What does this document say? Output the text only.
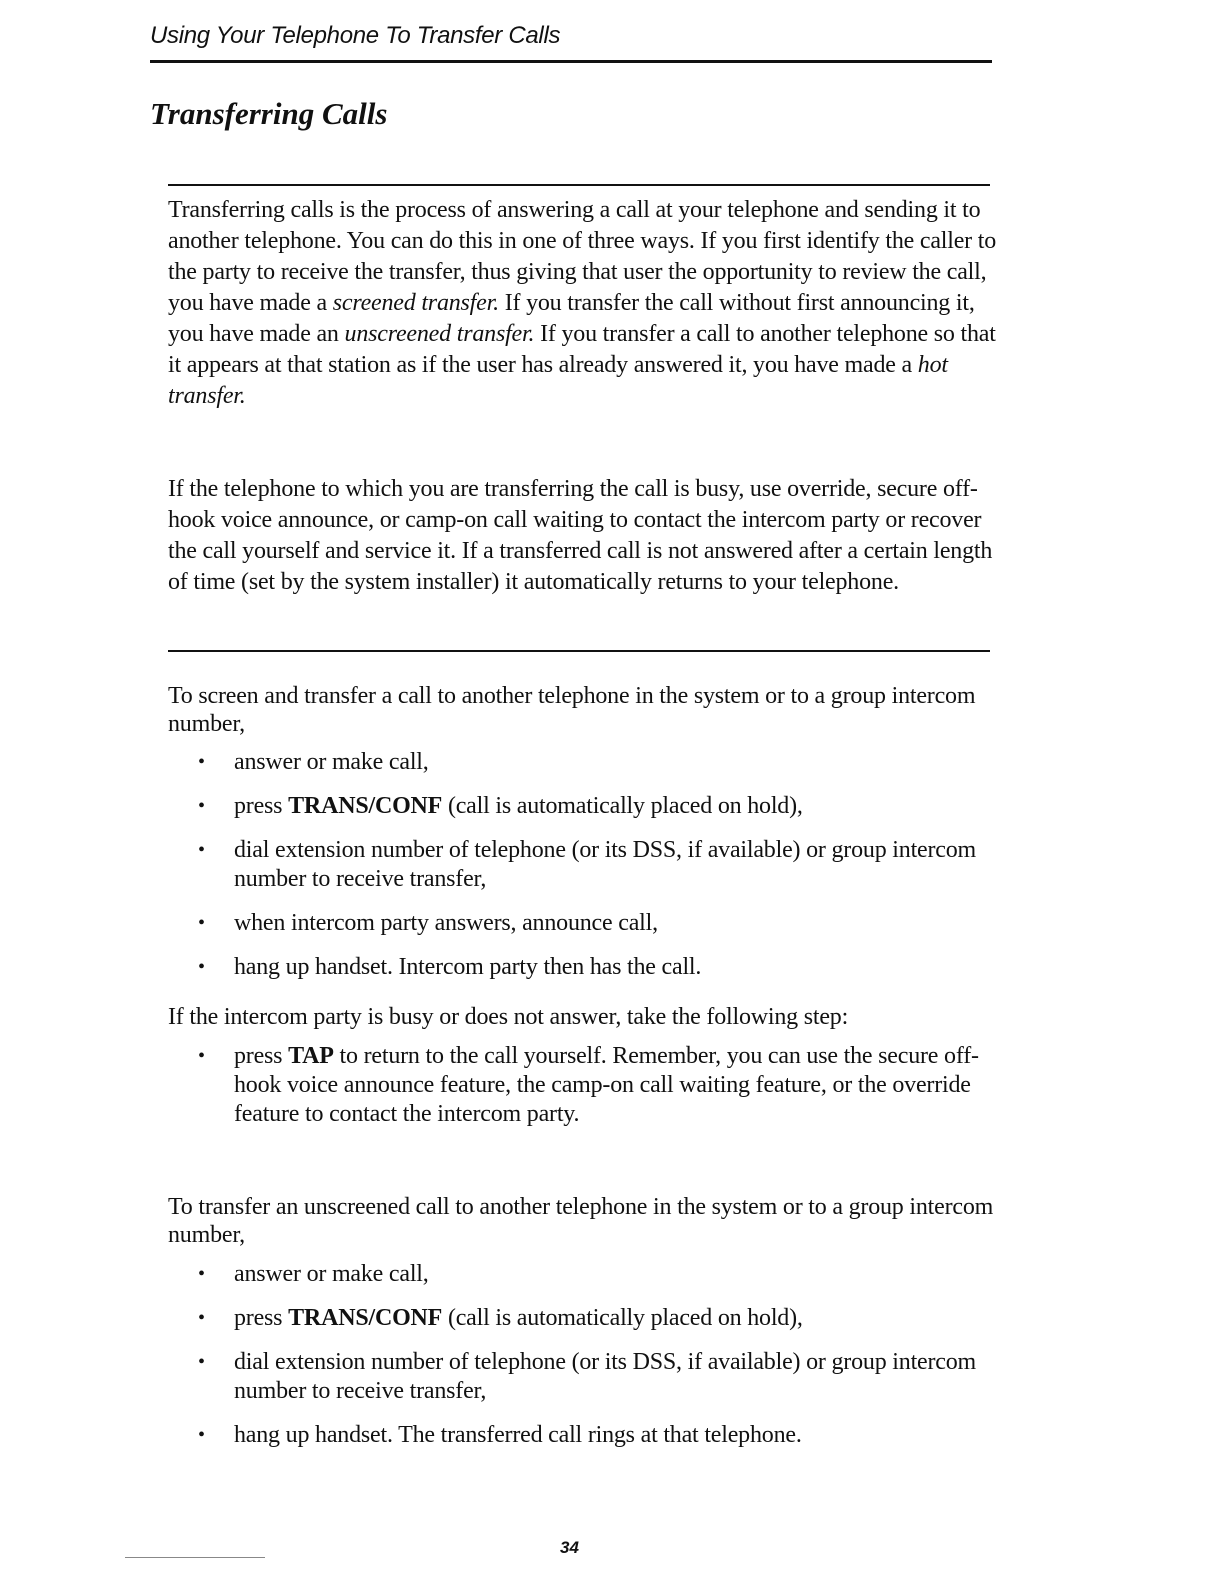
Using Your Telephone To Transfer Calls
Transferring Calls

Transferring calls is the process of answering a call at your telephone and sending it to another telephone. You can do this in one of three ways. If you first identify the caller to the party to receive the transfer, thus giving that user the opportunity to review the call, you have made a screened transfer. If you transfer the call without first announcing it, you have made an unscreened transfer. If you transfer a call to another telephone so that it appears at that station as if the user has already answered it, you have made a hot transfer.

If the telephone to which you are transferring the call is busy, use override, secure off-hook voice announce, or camp-on call waiting to contact the intercom party or recover the call yourself and service it. If a transferred call is not answered after a certain length of time (set by the system installer) it automatically returns to your telephone.

To screen and transfer a call to another telephone in the system or to a group intercom number,

• answer or make call,
• press TRANS/CONF (call is automatically placed on hold),
• dial extension number of telephone (or its DSS, if available) or group intercom number to receive transfer,
• when intercom party answers, announce call,
• hang up handset. Intercom party then has the call.

If the intercom party is busy or does not answer, take the following step:

• press TAP to return to the call yourself. Remember, you can use the secure off-hook voice announce feature, the camp-on call waiting feature, or the override feature to contact the intercom party.

To transfer an unscreened call to another telephone in the system or to a group intercom number,

• answer or make call,
• press TRANS/CONF (call is automatically placed on hold),
• dial extension number of telephone (or its DSS, if available) or group intercom number to receive transfer,
• hang up handset. The transferred call rings at that telephone.
34
